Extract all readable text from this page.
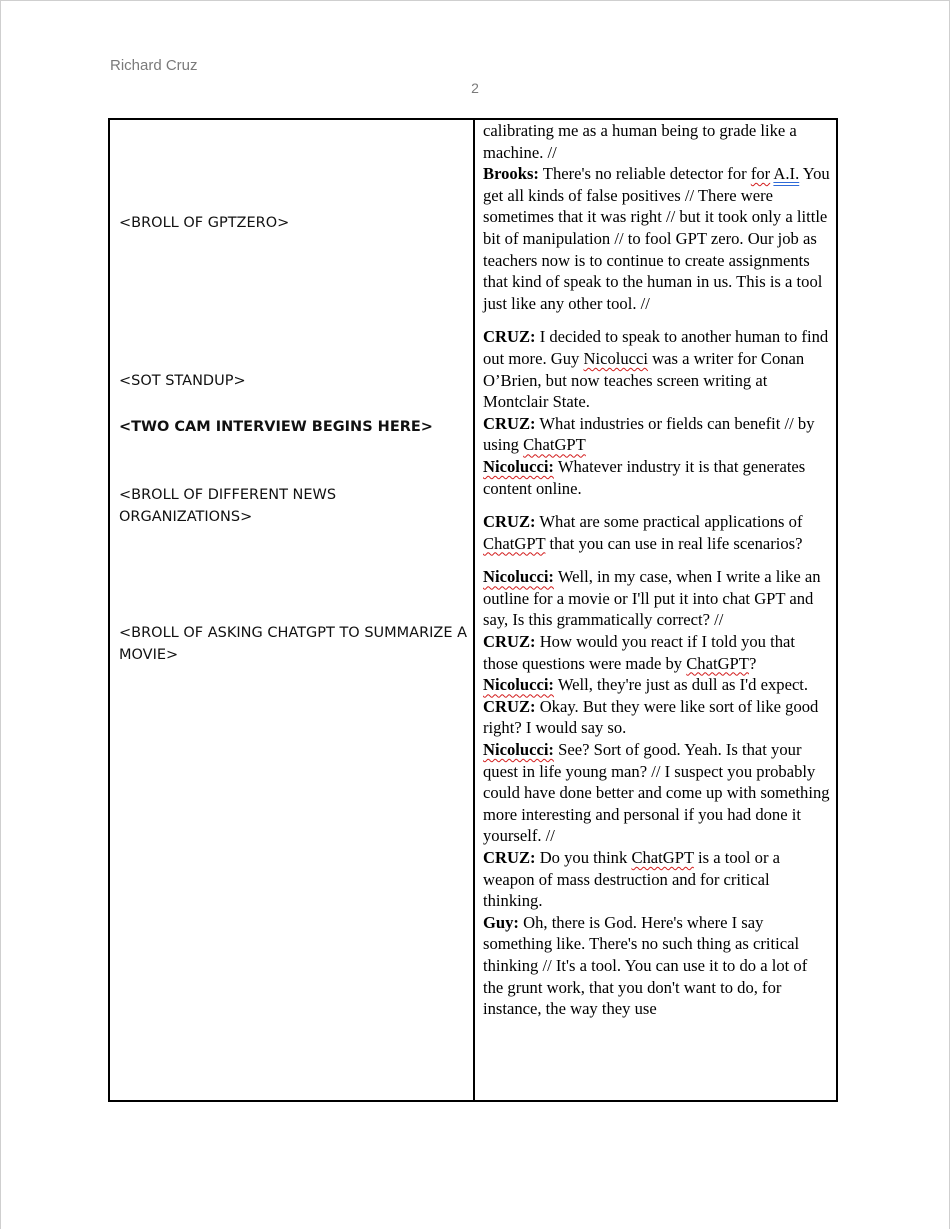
Richard Cruz
2
<BROLL OF GPTZERO>
<SOT STANDUP>
<TWO CAM INTERVIEW BEGINS HERE>
<BROLL OF DIFFERENT NEWS ORGANIZATIONS>
<BROLL OF ASKING CHATGPT TO SUMMARIZE A MOVIE>

calibrating me as a human being to grade like a machine. //
Brooks: There's no reliable detector for for A.I. You get all kinds of false positives // There were sometimes that it was right // but it took only a little bit of manipulation // to fool GPT zero. Our job as teachers now is to continue to create assignments that kind of speak to the human in us. This is a tool just like any other tool. //

CRUZ: I decided to speak to another human to find out more. Guy Nicolucci was a writer for Conan O’Brien, but now teaches screen writing at Montclair State.
CRUZ: What industries or fields can benefit // by using ChatGPT
Nicolucci: Whatever industry it is that generates content online.

CRUZ: What are some practical applications of ChatGPT that you can use in real life scenarios?

Nicolucci: Well, in my case, when I write a like an outline for a movie or I'll put it into chat GPT and say, Is this grammatically correct? //
CRUZ: How would you react if I told you that those questions were made by ChatGPT?
Nicolucci: Well, they're just as dull as I'd expect.
CRUZ: Okay. But they were like sort of like good right? I would say so.
Nicolucci: See? Sort of good. Yeah. Is that your quest in life young man? // I suspect you probably could have done better and come up with something more interesting and personal if you had done it yourself. //
CRUZ: Do you think ChatGPT is a tool or a weapon of mass destruction and for critical thinking.
Guy: Oh, there is God. Here's where I say something like. There's no such thing as critical thinking // It's a tool. You can use it to do a lot of the grunt work, that you don't want to do, for instance, the way they use
